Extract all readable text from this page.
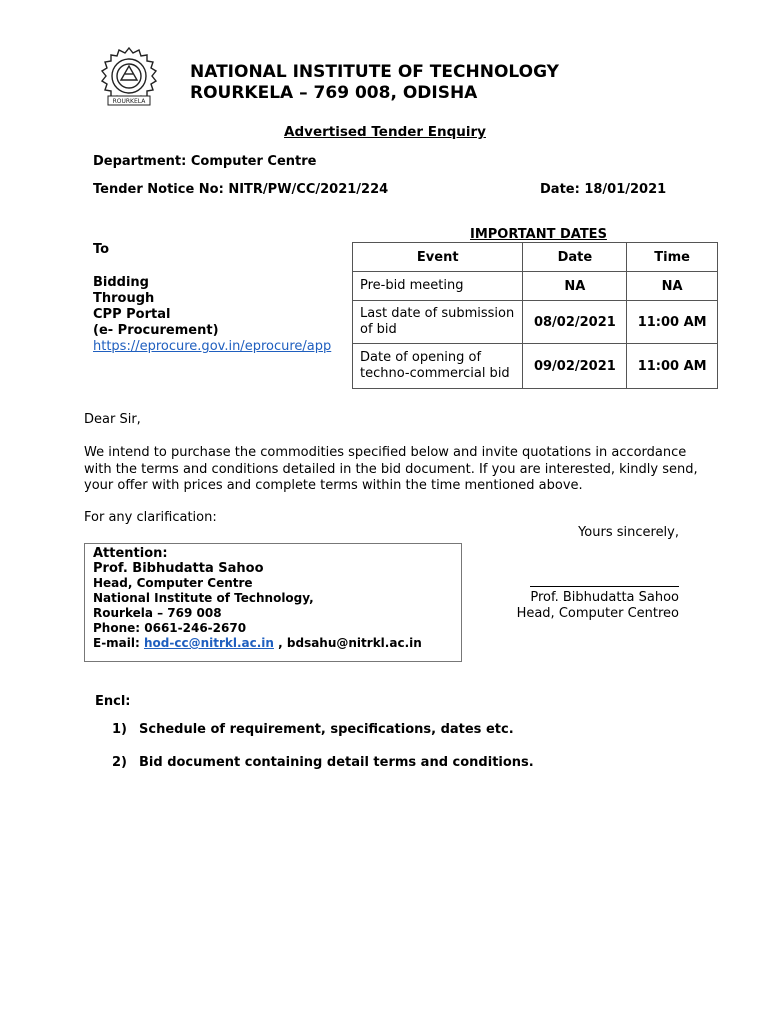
ROURKELA
NATIONAL INSTITUTE OF TECHNOLOGY
ROURKELA – 769 008, ODISHA
Advertised Tender Enquiry
Department: Computer Centre
Tender Notice No: NITR/PW/CC/2021/224	Date: 18/01/2021
To
Bidding
Through
CPP Portal
(e- Procurement)
https://eprocure.gov.in/eprocure/app
IMPORTANT DATES
Event	Date	Time
Pre-bid meeting	NA	NA
Last date of submission of bid	08/02/2021	11:00 AM
Date of opening of techno-commercial bid	09/02/2021	11:00 AM
Dear Sir,
We intend to purchase the commodities specified below and invite quotations in accordance
with the terms and conditions detailed in the bid document. If you are interested, kindly send,
your offer with prices and complete terms within the time mentioned above.
For any clarification:
Yours sincerely,
Attention:
Prof. Bibhudatta Sahoo
Head, Computer Centre
National Institute of Technology,
Rourkela – 769 008
Phone: 0661-246-2670
E-mail: hod-cc@nitrkl.ac.in , bdsahu@nitrkl.ac.in
Prof. Bibhudatta Sahoo
Head, Computer Centreo
Encl:
1) Schedule of requirement, specifications, dates etc.
2) Bid document containing detail terms and conditions.
